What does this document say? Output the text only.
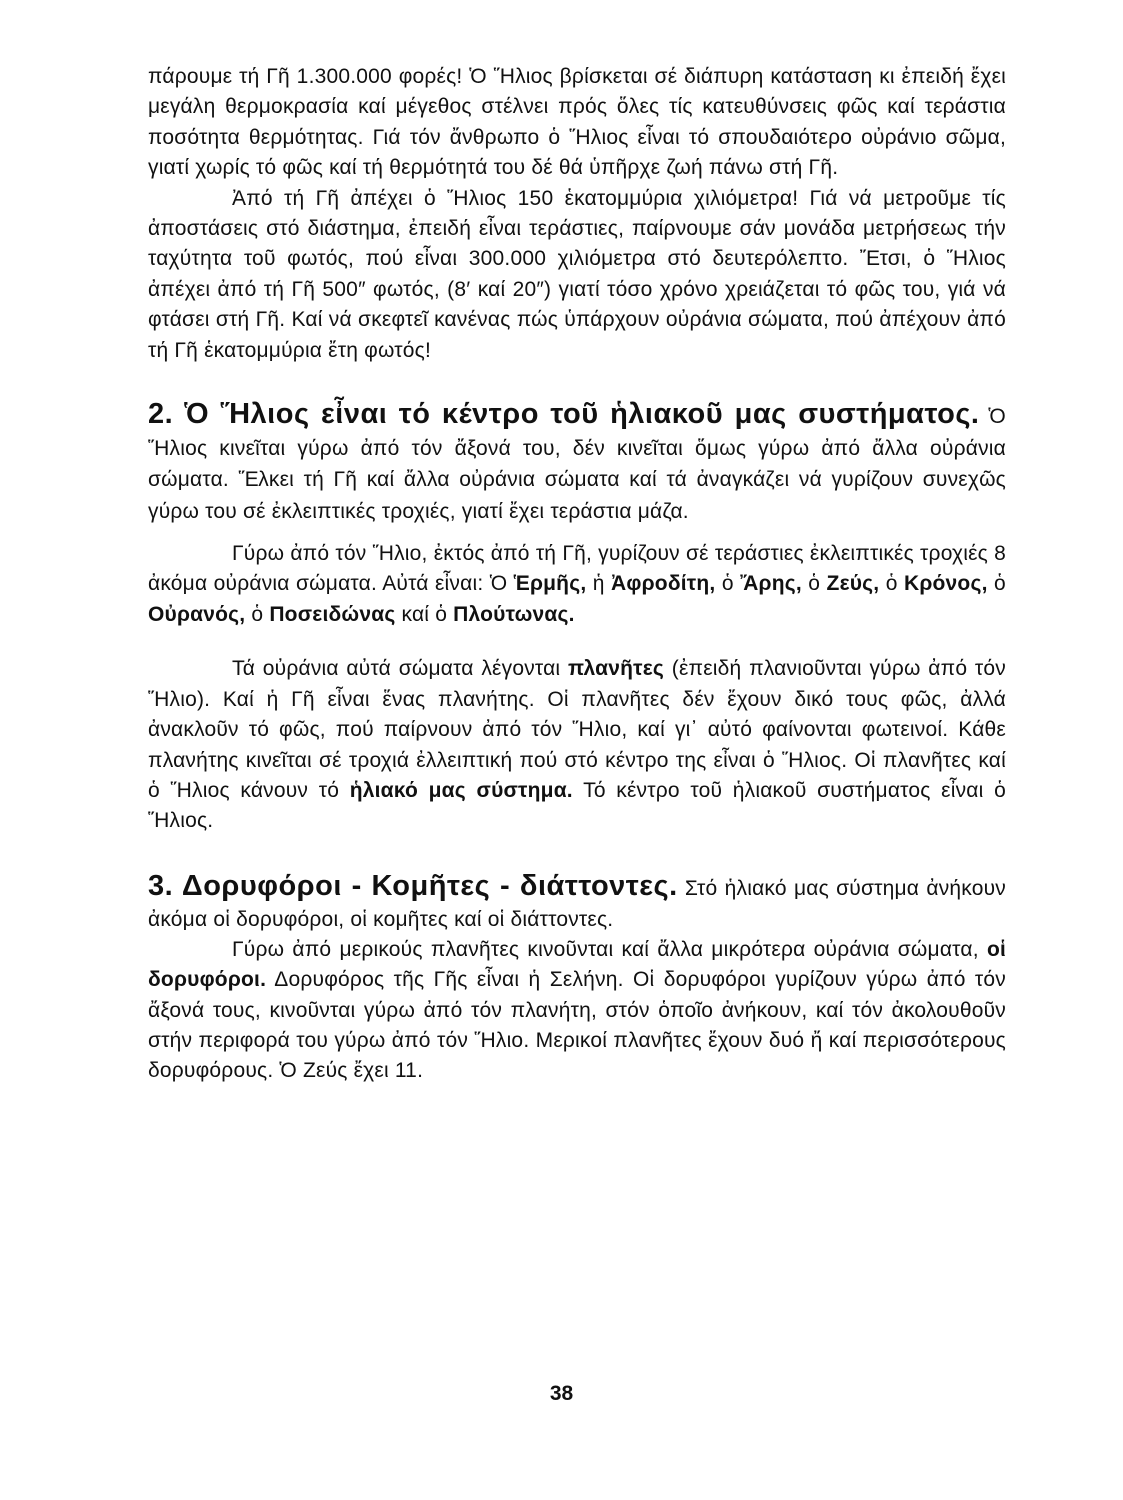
πάρουμε τή Γῆ 1.300.000 φορές! Ὁ Ἥλιος βρίσκεται σέ διάπυρη κατάσταση κι ἐπειδή ἔχει μεγάλη θερμοκρασία καί μέγεθος στέλνει πρός ὅλες τίς κατευθύνσεις φῶς καί τεράστια ποσότητα θερμότητας. Γιά τόν ἄνθρωπο ὁ Ἥλιος εἶναι τό σπουδαιότερο οὐράνιο σῶμα, γιατί χωρίς τό φῶς καί τή θερμότητά του δέ θά ὑπῆρχε ζωή πάνω στή Γῆ.

Ἀπό τή Γῆ ἀπέχει ὁ Ἥλιος 150 ἑκατομμύρια χιλιόμετρα! Γιά νά μετροῦμε τίς ἀποστάσεις στό διάστημα, ἐπειδή εἶναι τεράστιες, παίρνουμε σάν μονάδα μετρήσεως τήν ταχύτητα τοῦ φωτός, πού εἶναι 300.000 χιλιόμετρα στό δευτερόλεπτο. Ἔτσι, ὁ Ἥλιος ἀπέχει ἀπό τή Γῆ 500″ φωτός, (8′ καί 20″) γιατί τόσο χρόνο χρειάζεται τό φῶς του, γιά νά φτάσει στή Γῆ. Καί νά σκεφτεῖ κανένας πώς ὑπάρχουν οὐράνια σώματα, πού ἀπέχουν ἀπό τή Γῆ ἑκατομμύρια ἔτη φωτός!

2. Ὁ Ἥλιος εἶναι τό κέντρο τοῦ ἡλιακοῦ μας συστήματος. Ὁ Ἥλιος κινεῖται γύρω ἀπό τόν ἄξονά του, δέν κινεῖται ὅμως γύρω ἀπό ἄλλα οὐράνια σώματα. Ἕλκει τή Γῆ καί ἄλλα οὐράνια σώματα καί τά ἀναγκάζει νά γυρίζουν συνεχῶς γύρω του σέ ἐκλειπτικές τροχιές, γιατί ἔχει τεράστια μάζα.

Γύρω ἀπό τόν Ἥλιο, ἐκτός ἀπό τή Γῆ, γυρίζουν σέ τεράστιες ἐκλειπτικές τροχιές 8 ἀκόμα οὐράνια σώματα. Αὐτά εἶναι: Ὁ Ἑρμῆς, ἡ Ἀφροδίτη, ὁ Ἄρης, ὁ Ζεύς, ὁ Κρόνος, ὁ Οὐρανός, ὁ Ποσειδώνας καί ὁ Πλούτωνας.

Τά οὐράνια αὐτά σώματα λέγονται πλανῆτες (ἐπειδή πλανιοῦνται γύρω ἀπό τόν Ἥλιο). Καί ἡ Γῆ εἶναι ἕνας πλανήτης. Οἱ πλανῆτες δέν ἔχουν δικό τους φῶς, ἀλλά ἀνακλοῦν τό φῶς, πού παίρνουν ἀπό τόν Ἥλιο, καί γι᾽ αὐτό φαίνονται φωτεινοί. Κάθε πλανήτης κινεῖται σέ τροχιά ἐλλειπτική πού στό κέντρο της εἶναι ὁ Ἥλιος. Οἱ πλανῆτες καί ὁ Ἥλιος κάνουν τό ἡλιακό μας σύστημα. Τό κέντρο τοῦ ἡλιακοῦ συστήματος εἶναι ὁ Ἥλιος.

3. Δορυφόροι - Κομῆτες - διάττοντες. Στό ἡλιακό μας σύστημα ἀνήκουν ἀκόμα οἱ δορυφόροι, οἱ κομῆτες καί οἱ διάττοντες.

Γύρω ἀπό μερικούς πλανῆτες κινοῦνται καί ἄλλα μικρότερα οὐράνια σώματα, οἱ δορυφόροι. Δορυφόρος τῆς Γῆς εἶναι ἡ Σελήνη. Οἱ δορυφόροι γυρίζουν γύρω ἀπό τόν ἄξονά τους, κινοῦνται γύρω ἀπό τόν πλανήτη, στόν ὁποῖο ἀνήκουν, καί τόν ἀκολουθοῦν στήν περιφορά του γύρω ἀπό τόν Ἥλιο. Μερικοί πλανῆτες ἔχουν δυό ἤ καί περισσότερους δορυφόρους. Ὁ Ζεύς ἔχει 11.

38
